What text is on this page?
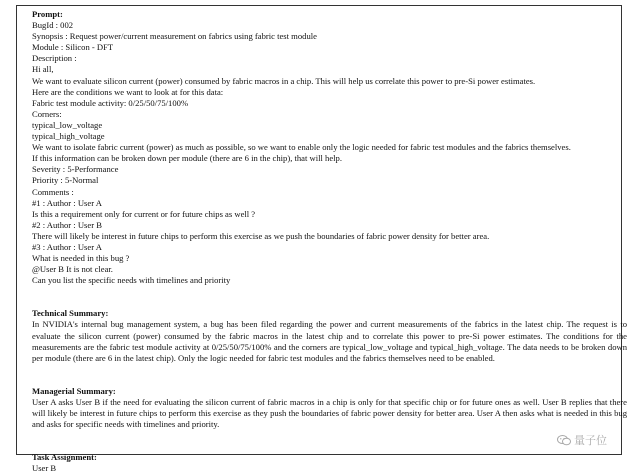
Prompt:
BugId : 002
Synopsis : Request power/current measurement on fabrics using fabric test module
Module : Silicon - DFT
Description :
Hi all,
We want to evaluate silicon current (power) consumed by fabric macros in a chip. This will help us correlate this power to pre-Si power estimates.
Here are the conditions we want to look at for this data:
Fabric test module activity: 0/25/50/75/100%
Corners:
typical_low_voltage
typical_high_voltage
We want to isolate fabric current (power) as much as possible, so we want to enable only the logic needed for fabric test modules and the fabrics themselves.
If this information can be broken down per module (there are 6 in the chip), that will help.
Severity : 5-Performance
Priority : 5-Normal
Comments :
#1 : Author : User A
Is this a requirement only for current or for future chips as well ?
#2 : Author : User B
There will likely be interest in future chips to perform this exercise as we push the boundaries of fabric power density for better area.
#3 : Author : User A
What is needed in this bug ?
@User B It is not clear.
Can you list the specific needs with timelines and priority
Technical Summary:
In NVIDIA's internal bug management system, a bug has been filed regarding the power and current measurements of the fabrics in the latest chip. The request is to evaluate the silicon current (power) consumed by the fabric macros in the latest chip and to correlate this power to pre-Si power estimates. The conditions for the measurements are the fabric test module activity at 0/25/50/75/100% and the corners are typical_low_voltage and typical_high_voltage. The data needs to be broken down per module (there are 6 in the latest chip). Only the logic needed for fabric test modules and the fabrics themselves need to be enabled.
Managerial Summary:
User A asks User B if the need for evaluating the silicon current of fabric macros in a chip is only for that specific chip or for future ones as well. User B replies that there will likely be interest in future chips to perform this exercise as they push the boundaries of fabric power density for better area. User A then asks what is needed in this bug and asks for specific needs with timelines and priority.
Task Assignment:
User B
量子位
